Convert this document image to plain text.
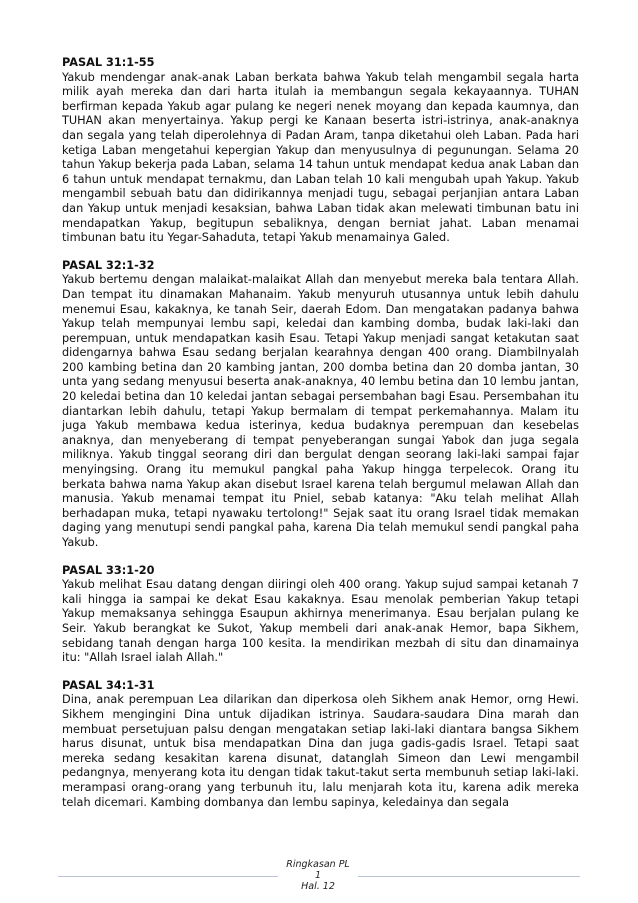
PASAL 31:1-55

Yakub mendengar anak-anak Laban berkata bahwa Yakub telah mengambil segala harta milik ayah mereka dan dari harta itulah ia membangun segala kekayaannya. TUHAN berfirman kepada Yakub agar pulang ke negeri nenek moyang dan kepada kaumnya, dan TUHAN akan menyertainya. Yakup pergi ke Kanaan beserta istri-istrinya, anak-anaknya dan segala yang telah diperolehnya di Padan Aram, tanpa diketahui oleh Laban. Pada hari ketiga Laban mengetahui kepergian Yakup dan menyusulnya di pegunungan. Selama 20 tahun Yakup bekerja pada Laban, selama 14 tahun untuk mendapat kedua anak Laban dan 6 tahun untuk mendapat ternakmu, dan Laban telah 10 kali mengubah upah Yakup. Yakub mengambil sebuah batu dan didirikannya menjadi tugu, sebagai perjanjian antara Laban dan Yakup untuk menjadi kesaksian, bahwa Laban tidak akan melewati timbunan batu ini mendapatkan Yakup, begitupun sebaliknya, dengan berniat jahat. Laban menamai timbunan batu itu Yegar-Sahaduta, tetapi Yakub menamainya Galed.

PASAL 32:1-32

Yakub bertemu dengan malaikat-malaikat Allah dan menyebut mereka bala tentara Allah. Dan tempat itu dinamakan Mahanaim. Yakub menyuruh utusannya untuk lebih dahulu menemui Esau, kakaknya, ke tanah Seir, daerah Edom. Dan mengatakan padanya bahwa Yakup telah mempunyai lembu sapi, keledai dan kambing domba, budak laki-laki dan perempuan, untuk mendapatkan kasih Esau. Tetapi Yakup menjadi sangat ketakutan saat didengarnya bahwa Esau sedang berjalan kearahnya dengan 400 orang. Diambilnyalah 200 kambing betina dan 20 kambing jantan, 200 domba betina dan 20 domba jantan, 30 unta yang sedang menyusui beserta anak-anaknya, 40 lembu betina dan 10 lembu jantan, 20 keledai betina dan 10 keledai jantan sebagai persembahan bagi Esau. Persembahan itu diantarkan lebih dahulu, tetapi Yakup bermalam di tempat perkemahannya. Malam itu juga Yakub membawa kedua isterinya, kedua budaknya perempuan dan kesebelas anaknya, dan menyeberang di tempat penyeberangan sungai Yabok dan juga segala miliknya. Yakub tinggal seorang diri dan bergulat dengan seorang laki-laki sampai fajar menyingsing. Orang itu memukul pangkal paha Yakup hingga terpelecok. Orang itu berkata bahwa nama Yakup akan disebut Israel karena telah bergumul melawan Allah dan manusia. Yakub menamai tempat itu Pniel, sebab katanya: "Aku telah melihat Allah berhadapan muka, tetapi nyawaku tertolong!" Sejak saat itu orang Israel tidak memakan daging yang menutupi sendi pangkal paha, karena Dia telah memukul sendi pangkal paha Yakub.

PASAL 33:1-20

Yakub melihat Esau datang dengan diiringi oleh 400 orang. Yakup sujud sampai ketanah 7 kali hingga ia sampai ke dekat Esau kakaknya. Esau menolak pemberian Yakup tetapi Yakup memaksanya sehingga Esaupun akhirnya menerimanya. Esau berjalan pulang ke Seir. Yakub berangkat ke Sukot, Yakup membeli dari anak-anak Hemor, bapa Sikhem, sebidang tanah dengan harga 100 kesita. Ia mendirikan mezbah di situ dan dinamainya itu: "Allah Israel ialah Allah."

PASAL 34:1-31

Dina, anak perempuan Lea dilarikan dan diperkosa oleh Sikhem anak Hemor, orng Hewi. Sikhem menginginі Dina untuk dijadikan istrinya. Saudara-saudara Dina marah dan membuat persetujuan palsu dengan mengatakan setiap laki-laki diantara bangsa Sikhem harus disunat, untuk bisa mendapatkan Dina dan juga gadis-gadis Israel. Tetapi saat mereka sedang kesakitan karena disunat, datanglah Simeon dan Lewi mengambil pedangnya, menyerang kota itu dengan tidak takut-takut serta membunuh setiap laki-laki. merampasi orang-orang yang terbunuh itu, lalu menjarah kota itu, karena adik mereka telah dicemari. Kambing dombanya dan lembu sapinya, keledainya dan segala

Ringkasan PL
1
Hal. 12
